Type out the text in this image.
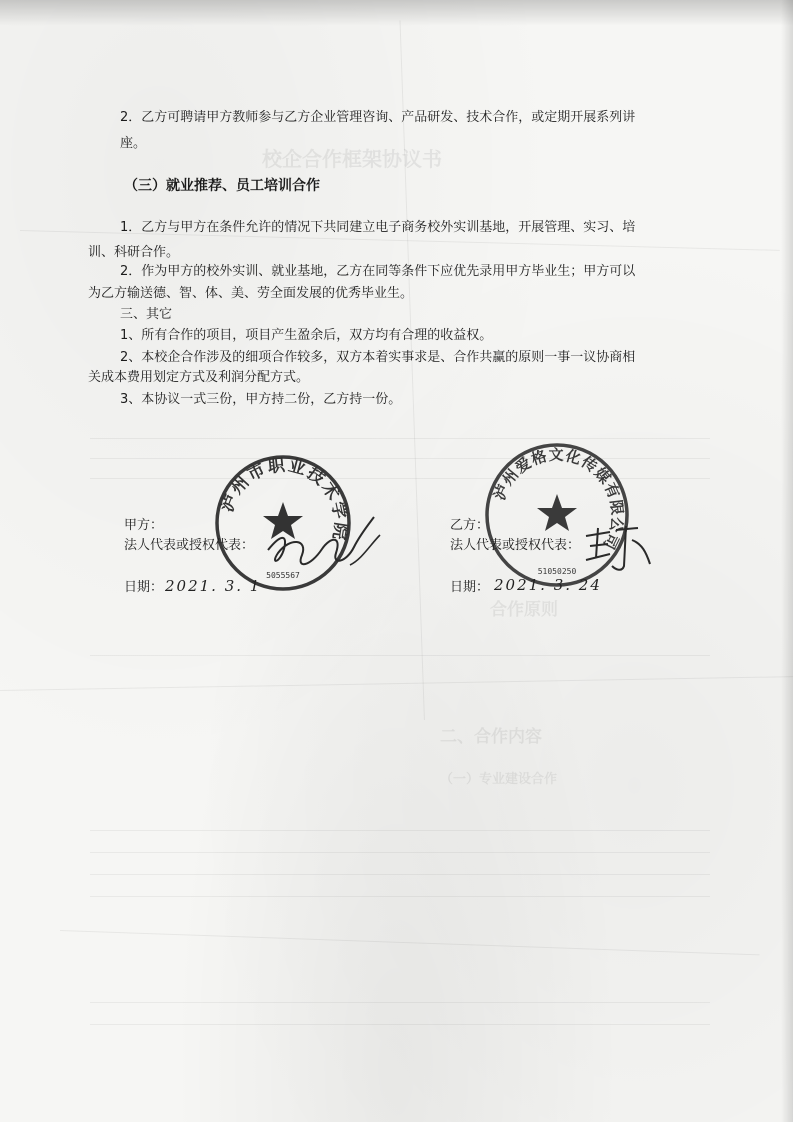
校企合作框架协议书
合作原则
二、合作内容
（一）专业建设合作
2．乙方可聘请甲方教师参与乙方企业管理咨询、产品研发、技术合作，或定期开展系列讲
座。
（三）就业推荐、员工培训合作
1．乙方与甲方在条件允许的情况下共同建立电子商务校外实训基地，开展管理、实习、培
训、科研合作。
2．作为甲方的校外实训、就业基地，乙方在同等条件下应优先录用甲方毕业生；甲方可以
为乙方输送德、智、体、美、劳全面发展的优秀毕业生。
三、其它
1、所有合作的项目，项目产生盈余后，双方均有合理的收益权。
2、本校企合作涉及的细项合作较多，双方本着实事求是、合作共赢的原则一事一议协商相
关成本费用划定方式及利润分配方式。
3、本协议一式三份，甲方持二份，乙方持一份。
泸州市职业技术学院
5055567
泸州爱格文化传媒有限公司
51050250
甲方：
法人代表或授权代表：
日期： 2021. 3. 1
乙方：
法人代表或授权代表：
日期： 2021. 3. 24
